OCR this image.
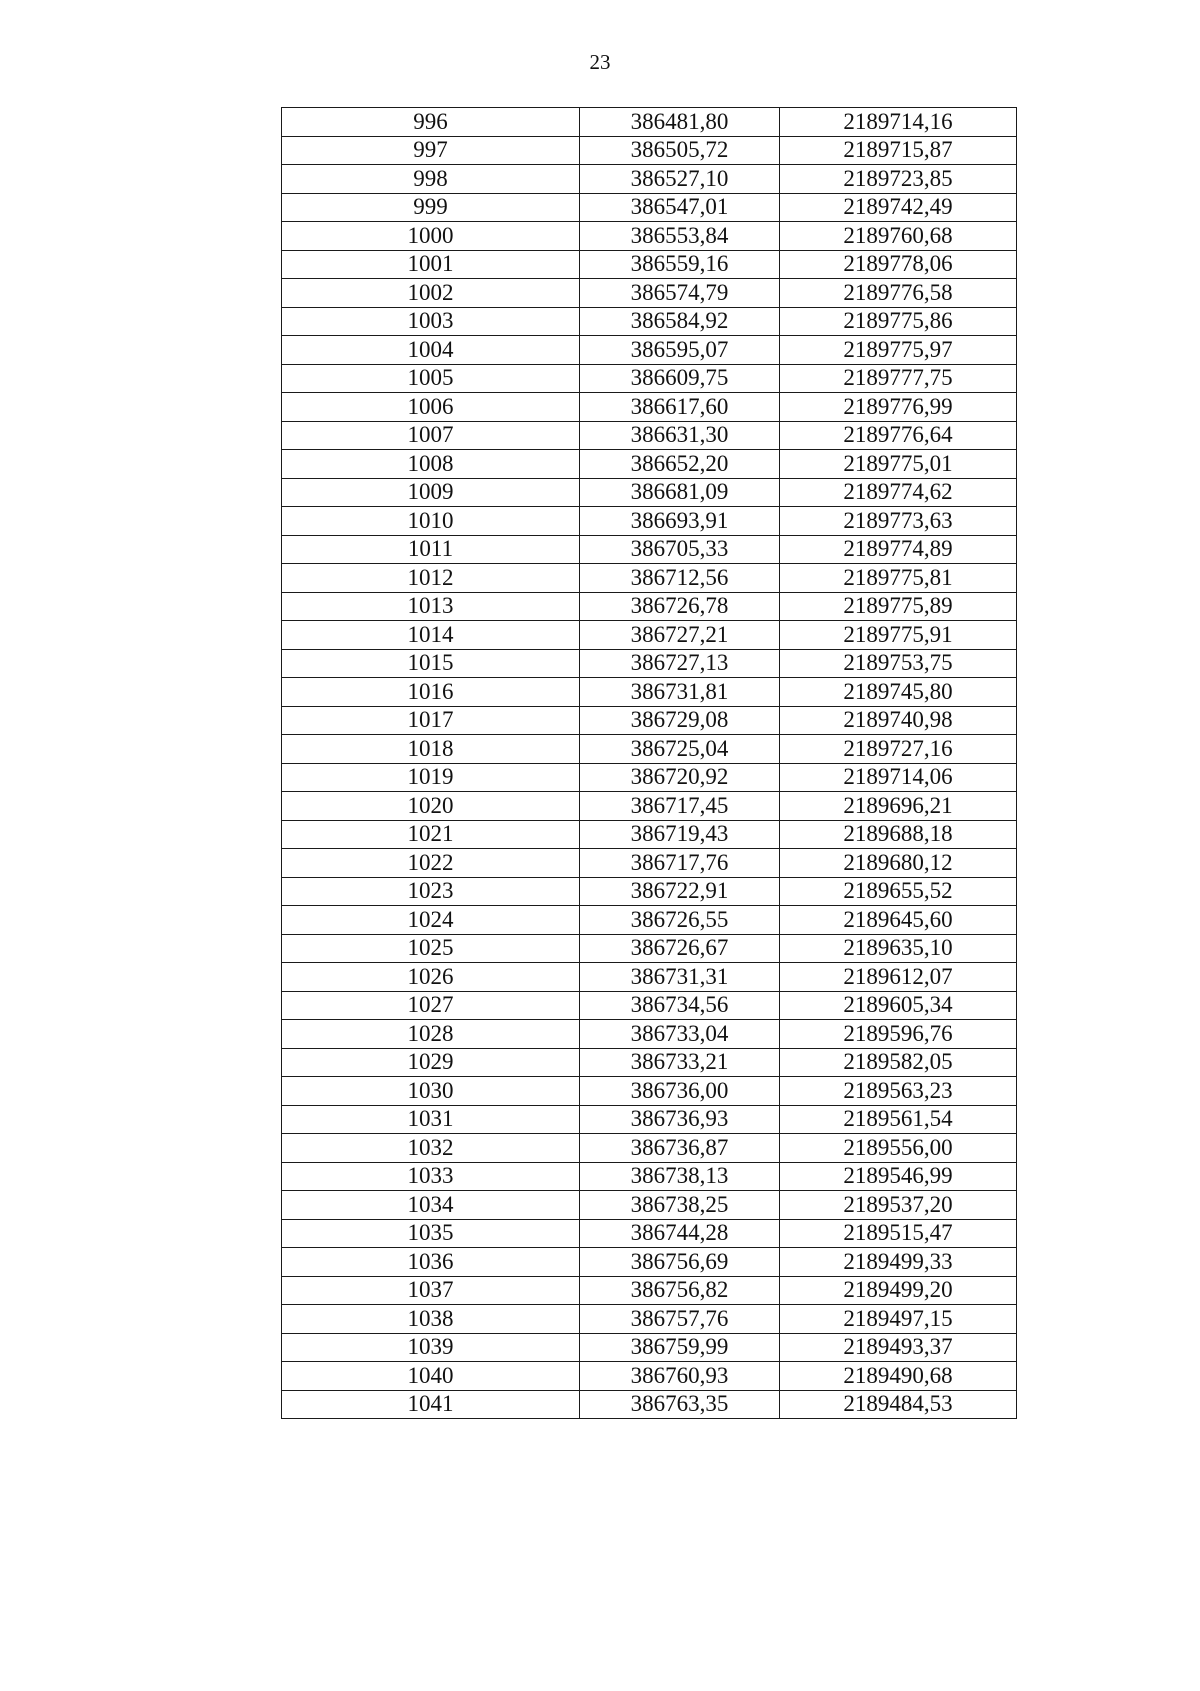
23
996	386481,80	2189714,16
997	386505,72	2189715,87
998	386527,10	2189723,85
999	386547,01	2189742,49
1000	386553,84	2189760,68
1001	386559,16	2189778,06
1002	386574,79	2189776,58
1003	386584,92	2189775,86
1004	386595,07	2189775,97
1005	386609,75	2189777,75
1006	386617,60	2189776,99
1007	386631,30	2189776,64
1008	386652,20	2189775,01
1009	386681,09	2189774,62
1010	386693,91	2189773,63
1011	386705,33	2189774,89
1012	386712,56	2189775,81
1013	386726,78	2189775,89
1014	386727,21	2189775,91
1015	386727,13	2189753,75
1016	386731,81	2189745,80
1017	386729,08	2189740,98
1018	386725,04	2189727,16
1019	386720,92	2189714,06
1020	386717,45	2189696,21
1021	386719,43	2189688,18
1022	386717,76	2189680,12
1023	386722,91	2189655,52
1024	386726,55	2189645,60
1025	386726,67	2189635,10
1026	386731,31	2189612,07
1027	386734,56	2189605,34
1028	386733,04	2189596,76
1029	386733,21	2189582,05
1030	386736,00	2189563,23
1031	386736,93	2189561,54
1032	386736,87	2189556,00
1033	386738,13	2189546,99
1034	386738,25	2189537,20
1035	386744,28	2189515,47
1036	386756,69	2189499,33
1037	386756,82	2189499,20
1038	386757,76	2189497,15
1039	386759,99	2189493,37
1040	386760,93	2189490,68
1041	386763,35	2189484,53
